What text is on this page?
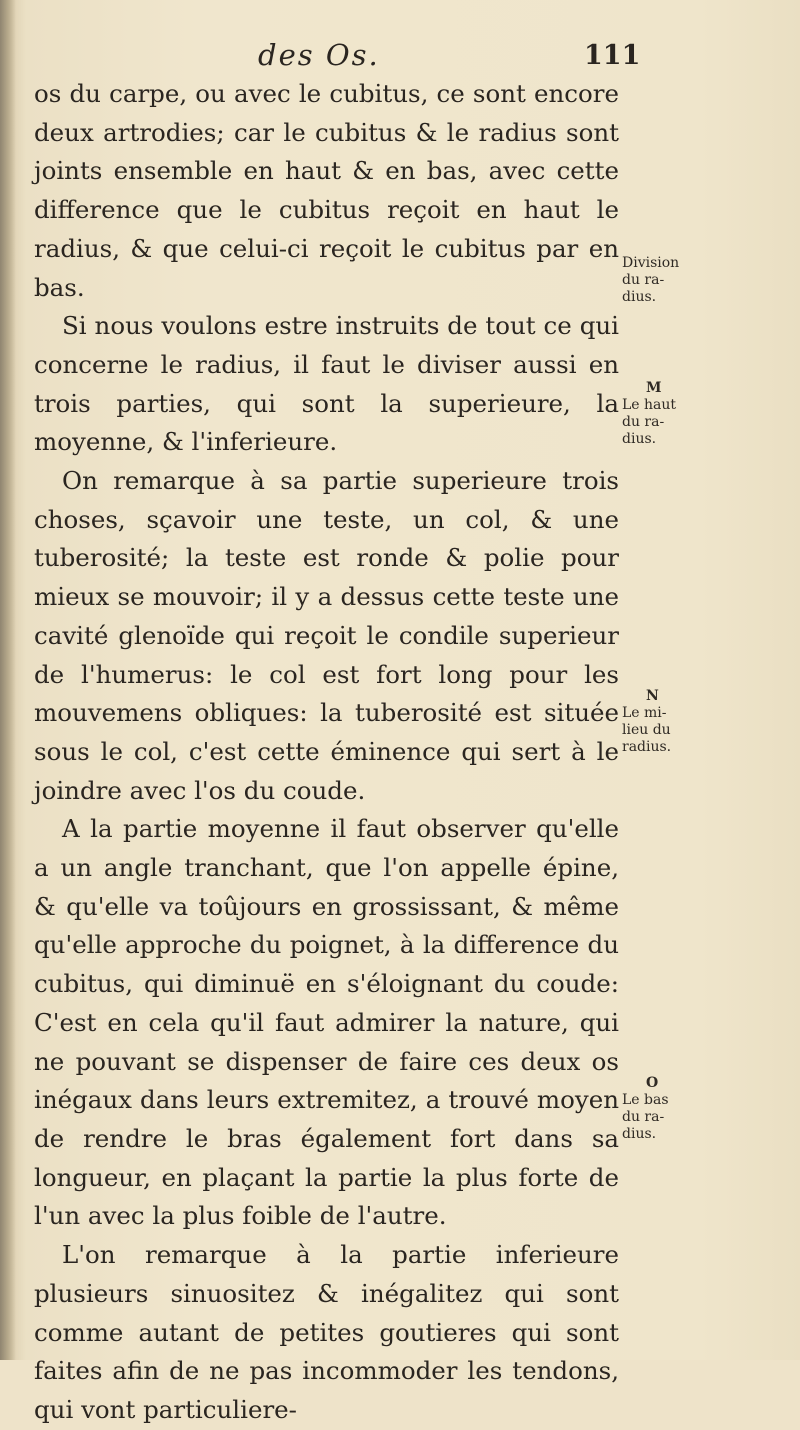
des Os.	111

os du carpe, ou avec le cubitus, ce sont encore deux artrodies; car le cubitus & le radius sont joints ensemble en haut & en bas, avec cette difference que le cubitus reçoit en haut le radius, & que celui-ci reçoit le cubitus par en bas.

Si nous voulons estre instruits de tout ce qui concerne le radius, il faut le diviser aussi en trois parties, qui sont la superieure, la moyenne, & l'inferieure.

On remarque à sa partie superieure trois choses, sçavoir une teste, un col, & une tuberosité; la teste est ronde & polie pour mieux se mouvoir; il y a dessus cette teste une cavité glenoïde qui reçoit le condile superieur de l'humerus: le col est fort long pour les mouvemens obliques: la tuberosité est située sous le col, c'est cette éminence qui sert à le joindre avec l'os du coude.

A la partie moyenne il faut observer qu'elle a un angle tranchant, que l'on appelle épine, & qu'elle va toûjours en grossissant, & même qu'elle approche du poignet, à la difference du cubitus, qui diminuë en s'éloignant du coude: C'est en cela qu'il faut admirer la nature, qui ne pouvant se dispenser de faire ces deux os inégaux dans leurs extremitez, a trouvé moyen de rendre le bras également fort dans sa longueur, en plaçant la partie la plus forte de l'un avec la plus foible de l'autre.

L'on remarque à la partie inferieure plusieurs sinuositez & inégalitez qui sont comme autant de petites goutieres qui sont faites afin de ne pas incommoder les tendons, qui vont particuliere-

Division
du ra-
dius.
M
Le haut
du ra-
dius.
N
Le mi-
lieu du
radius.
O
Le bas
du ra-
dius.
